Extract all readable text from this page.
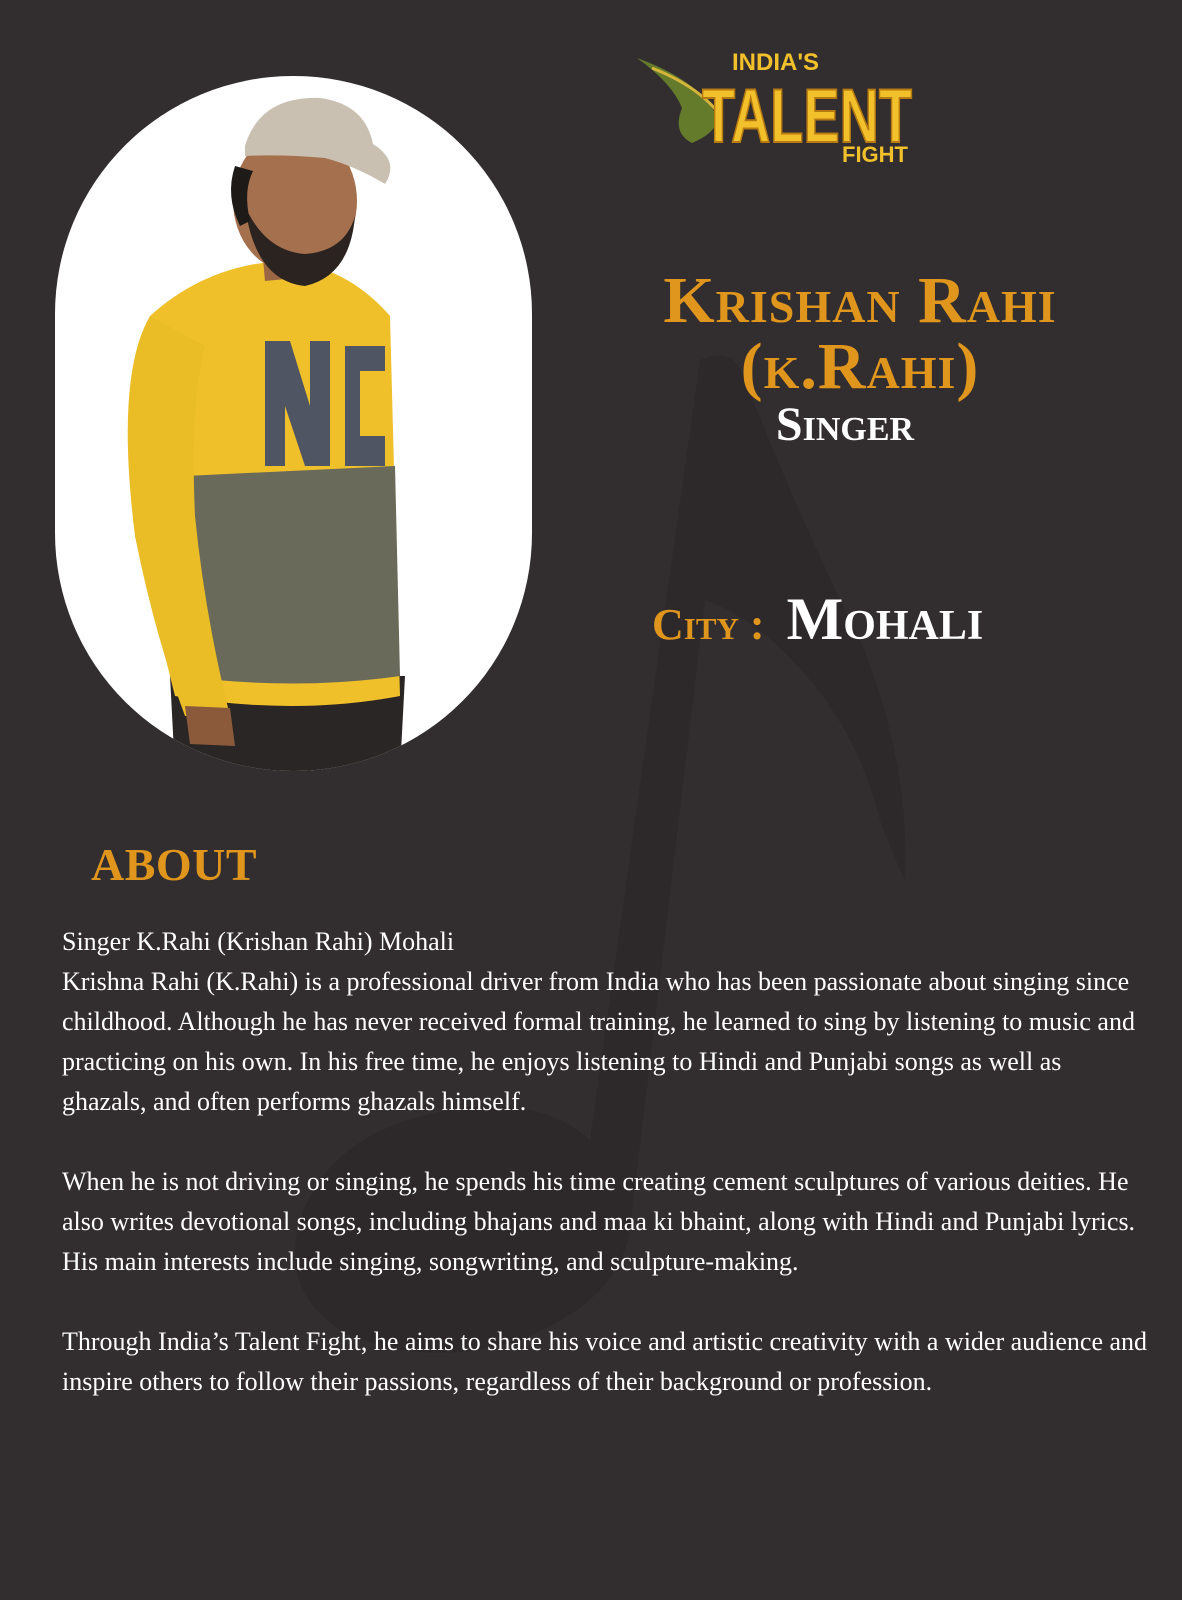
INDIA'S
TALENT
FIGHT
Krishan Rahi
(k.Rahi)
Singer
City : Mohali
ABOUT

Singer K.Rahi (Krishan Rahi) Mohali
Krishna Rahi (K.Rahi) is a professional driver from India who has been passionate about singing since childhood. Although he has never received formal training, he learned to sing by listening to music and practicing on his own. In his free time, he enjoys listening to Hindi and Punjabi songs as well as ghazals, and often performs ghazals himself.

When he is not driving or singing, he spends his time creating cement sculptures of various deities. He also writes devotional songs, including bhajans and maa ki bhaint, along with Hindi and Punjabi lyrics. His main interests include singing, songwriting, and sculpture-making.

Through India’s Talent Fight, he aims to share his voice and artistic creativity with a wider audience and inspire others to follow their passions, regardless of their background or profession.
